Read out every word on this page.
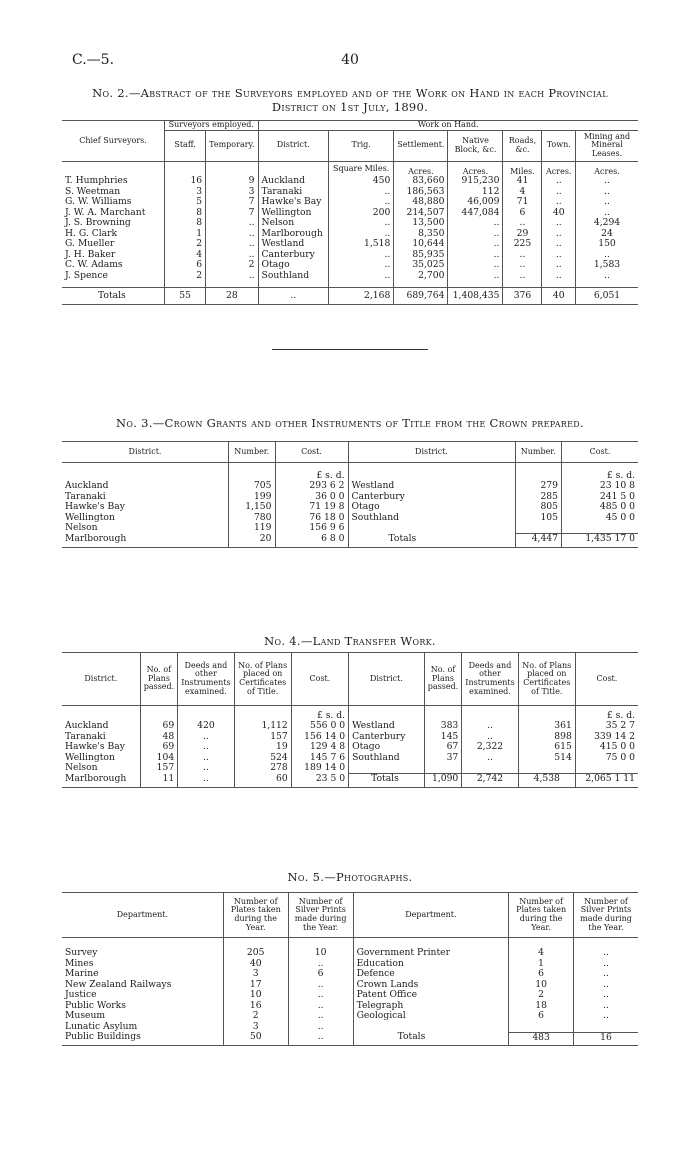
C.—5.	40
No. 2.—Abstract of the Surveyors employed and of the Work on Hand in each Provincial
District on 1st July, 1890.
Chief Surveyors.	Surveyors employed.		Work on Hand.						
	Staff.	Temporary.	District.	Trig.	Settlement.	Native Block, &c.	Roads, &c.	Town.	Mining and Mineral Leases.
				Square Miles.	Acres.	Acres.	Miles.	Acres.	Acres.
T. Humphries	16	9	Auckland	450	83,660	915,230	41	..	..
S. Weetman	3	3	Taranaki	..	186,563	112	4	..	..
G. W. Williams	5	7	Hawke's Bay	..	48,880	46,009	71	..	..
J. W. A. Marchant	8	7	Wellington	200	214,507	447,084	6	40	..
J. S. Browning	8	..	Nelson	..	13,500	..	..	..	4,294
H. G. Clark	1	..	Marlborough	..	8,350	..	29	..	24
G. Mueller	2	..	Westland	1,518	10,644	..	225	..	150
J. H. Baker	4	..	Canterbury	..	85,935	..	..	..	..
C. W. Adams	6	2	Otago	..	35,025	..	..	..	1,583
J. Spence	2	..	Southland	..	2,700	..	..	..	..

Totals	55	28	..	2,168	689,764	1,408,435	376	40	6,051
No. 3.—Crown Grants and other Instruments of Title from the Crown prepared.
District.	Number.	Cost.	District.	Number.	Cost.
		£ s. d.			£ s. d.
Auckland	705	293 6 2	Westland	279	23 10 8
Taranaki	199	36 0 0	Canterbury	285	241 5 0
Hawke's Bay	1,150	71 19 8	Otago	805	485 0 0
Wellington	780	76 18 0	Southland	105	45 0 0
Nelson	119	156 9 6			
Marlborough	20	6 8 0	Totals	4,447	1,435 17 0

No. 4.—Land Transfer Work.
District.	No. of Plans passed.	Deeds and other Instruments examined.	No. of Plans placed on Certificates of Title.	Cost.	District.	No. of Plans passed.	Deeds and other Instruments examined.	No. of Plans placed on Certificates of Title.	Cost.
				£ s. d.					£ s. d.
Auckland	69	420	1,112	556 0 0	Westland	383	..	361	35 2 7
Taranaki	48	..	157	156 14 0	Canterbury	145	..	898	339 14 2
Hawke's Bay	69	..	19	129 4 8	Otago	67	2,322	615	415 0 0
Wellington	104	..	524	145 7 6	Southland	37	..	514	75 0 0
Nelson	157	..	278	189 14 0					
Marlborough	11	..	60	23 5 0	Totals	1,090	2,742	4,538	2,065 1 11

No. 5.—Photographs.
Department.	Number of Plates taken during the Year.	Number of Silver Prints made during the Year.	Department.	Number of Plates taken during the Year.	Number of Silver Prints made during the Year.

Survey	205	10	Government Printer	4	..
Mines	40	..	Education	1	..
Marine	3	6	Defence	6	..
New Zealand Railways	17	..	Crown Lands	10	..
Justice	10	..	Patent Office	2	..
Public Works	16	..	Telegraph	18	..
Museum	2	..	Geological	6	..
Lunatic Asylum	3	..			
Public Buildings	50	..	Totals	483	16
